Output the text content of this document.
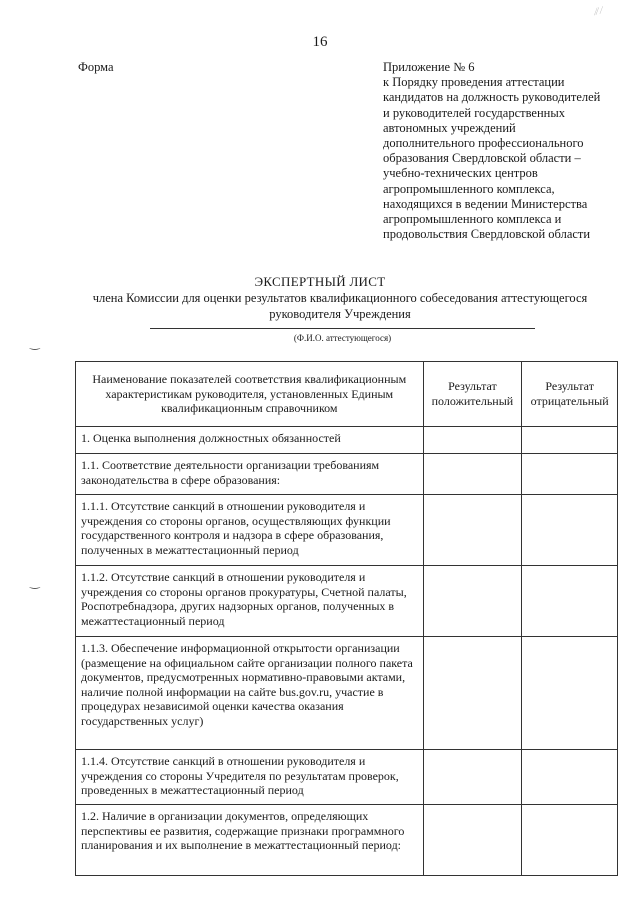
⁄⁄ ⁄
‿
‿
16
Форма	Приложение № 6
к Порядку проведения аттестации
кандидатов на должность руководителей
и руководителей государственных
автономных учреждений
дополнительного профессионального
образования Свердловской области –
учебно-технических центров
агропромышленного комплекса,
находящихся в ведении Министерства
агропромышленного комплекса и
продовольствия Свердловской области
ЭКСПЕРТНЫЙ ЛИСТ
члена Комиссии для оценки результатов квалификационного собеседования аттестующегося руководителя Учреждения
(Ф.И.О. аттестующегося)
Наименование показателей соответствия квалификационным характеристикам руководителя, установленных Единым квалификационным справочником	Результат положительный	Результат отрицательный
1. Оценка выполнения должностных обязанностей		
1.1. Соответствие деятельности организации требованиям законодательства в сфере образования:		
1.1.1. Отсутствие санкций в отношении руководителя и учреждения со стороны органов, осуществляющих функции государственного контроля и надзора в сфере образования, полученных в межаттестационный период		
1.1.2. Отсутствие санкций в отношении руководителя и учреждения со стороны органов прокуратуры, Счетной палаты, Роспотребнадзора, других надзорных органов, полученных в межаттестационный период		
1.1.3. Обеспечение информационной открытости организации (размещение на официальном сайте организации полного пакета документов, предусмотренных нормативно-правовыми актами, наличие полной информации на сайте bus.gov.ru, участие в процедурах независимой оценки качества оказания государственных услуг)		
1.1.4. Отсутствие санкций в отношении руководителя и учреждения со стороны Учредителя по результатам проверок, проведенных в межаттестационный период		
1.2. Наличие в организации документов, определяющих перспективы ее развития, содержащие признаки программного планирования и их выполнение в межаттестационный период:		
